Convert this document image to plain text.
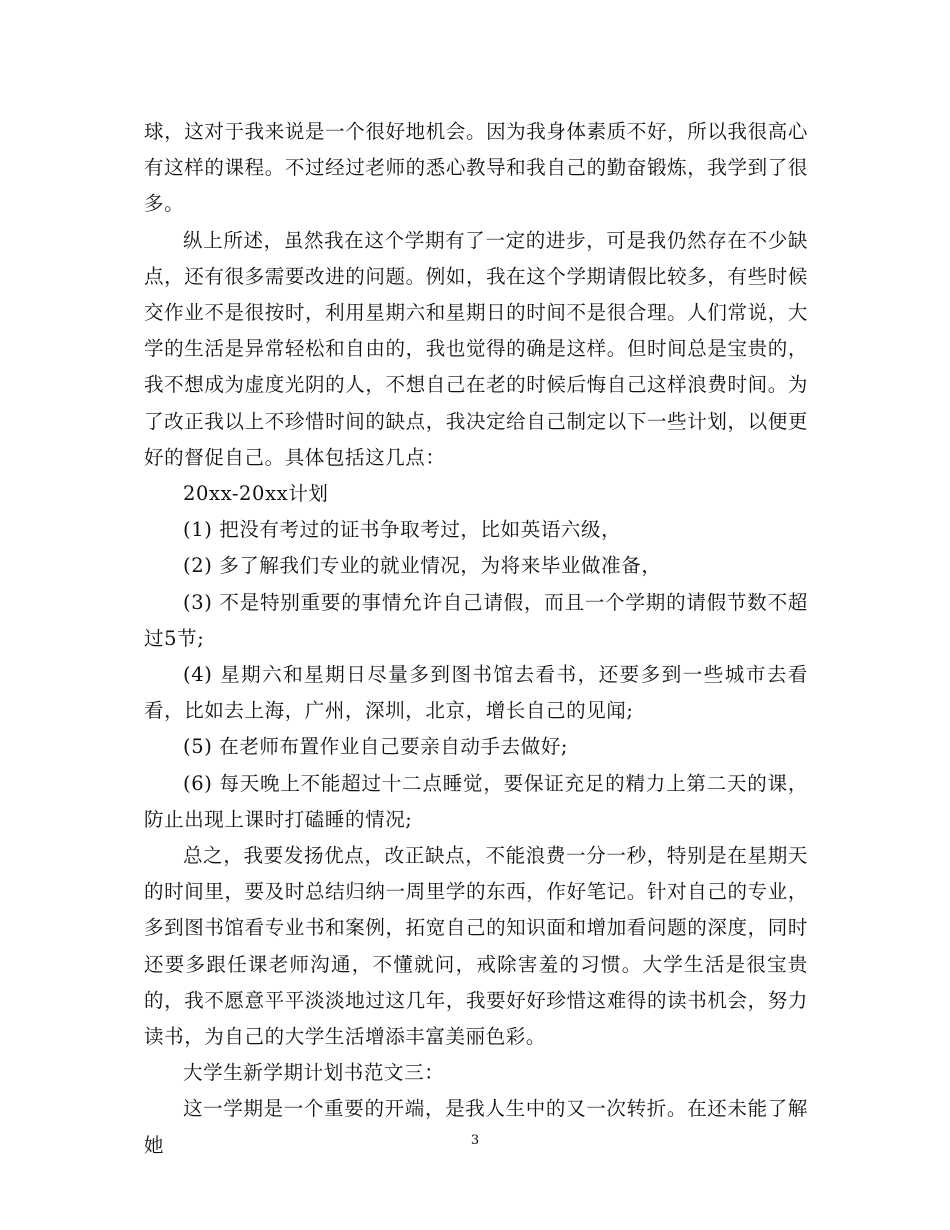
球，这对于我来说是一个很好地机会。因为我身体素质不好，所以我很高心有这样的课程。不过经过老师的悉心教导和我自己的勤奋锻炼，我学到了很多。

纵上所述，虽然我在这个学期有了一定的进步，可是我仍然存在不少缺点，还有很多需要改进的问题。例如，我在这个学期请假比较多，有些时候交作业不是很按时，利用星期六和星期日的时间不是很合理。人们常说，大学的生活是异常轻松和自由的，我也觉得的确是这样。但时间总是宝贵的，我不想成为虚度光阴的人，不想自己在老的时候后悔自己这样浪费时间。为了改正我以上不珍惜时间的缺点，我决定给自己制定以下一些计划，以便更好的督促自己。具体包括这几点：

20xx-20xx计划

(1) 把没有考过的证书争取考过，比如英语六级，

(2) 多了解我们专业的就业情况，为将来毕业做准备，

(3) 不是特别重要的事情允许自己请假，而且一个学期的请假节数不超过5节;

(4) 星期六和星期日尽量多到图书馆去看书，还要多到一些城市去看看，比如去上海，广州，深圳，北京，增长自己的见闻;

(5) 在老师布置作业自己要亲自动手去做好;

(6) 每天晚上不能超过十二点睡觉，要保证充足的精力上第二天的课，防止出现上课时打磕睡的情况;

总之，我要发扬优点，改正缺点，不能浪费一分一秒，特别是在星期天的时间里，要及时总结归纳一周里学的东西，作好笔记。针对自己的专业，多到图书馆看专业书和案例，拓宽自己的知识面和增加看问题的深度，同时还要多跟任课老师沟通，不懂就问，戒除害羞的习惯。大学生活是很宝贵的，我不愿意平平淡淡地过这几年，我要好好珍惜这难得的读书机会，努力读书，为自己的大学生活增添丰富美丽色彩。

大学生新学期计划书范文三：

这一学期是一个重要的开端，是我人生中的又一次转折。在还未能了解她	3
